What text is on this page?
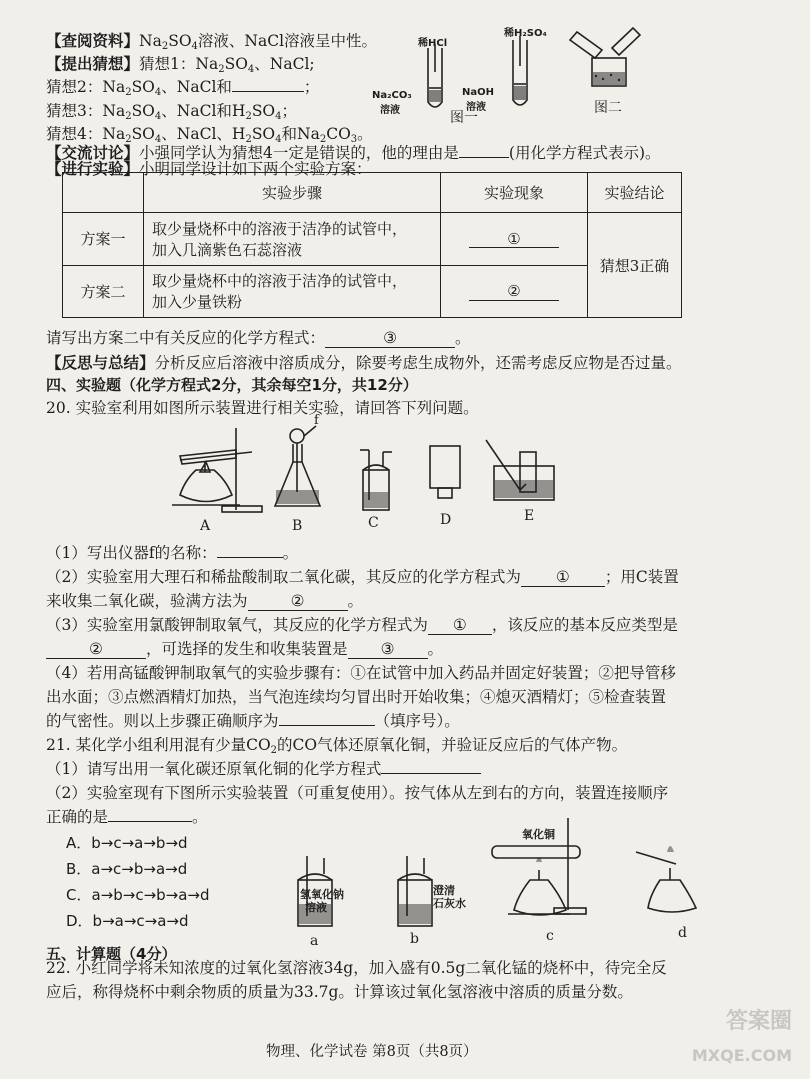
【查阅资料】$Na_2SO_4$溶液、NaCl溶液呈中性。
【提出猜想】猜想1：$Na_2SO_4$、NaCl;
猜想2：$Na_2SO_4$、NaCl和	；
猜想3：$Na_2SO_4$、NaCl和$H_2SO_4$；
猜想4：$Na_2SO_4$、NaCl、$H_2SO_4$和$Na_2CO_3$。
稀HCl
稀H₂SO₄
Na₂CO₃
溶液
NaOH
溶液
图一
图二
【交流讨论】小强同学认为猜想4一定是错误的，他的理由是	(用化学方程式表示)。
【进行实验】小明同学设计如下两个实验方案：
	实验步骤	实验现象	实验结论
方案一	取少量烧杯中的溶液于洁净的试管中，
加入几滴紫色石蕊溶液	①	猜想3正确
方案二	取少量烧杯中的溶液于洁净的试管中，
加入少量铁粉	②	
请写出方案二中有关反应的化学方程式：	③	。
【反思与总结】分析反应后溶液中溶质成分，除要考虑生成物外，还需考虑反应物是否过量。
四、实验题（化学方程式2分，其余每空1分，共12分）
20. 实验室利用如图所示装置进行相关实验，请回答下列问题。
f
A	B	C	D	E
（1）写出仪器f的名称：	。
（2）实验室用大理石和稀盐酸制取二氧化碳，其反应的化学方程式为 ① ；用C装置
来收集二氧化碳，验满方法为	②	。
（3）实验室用氯酸钾制取氧气，其反应的化学方程式为 ① ，该反应的基本反应类型是
②	，可选择的发生和收集装置是 ③ 。
（4）若用高锰酸钾制取氧气的实验步骤有：①在试管中加入药品并固定好装置；②把导管移
出水面；③点燃酒精灯加热，当气泡连续均匀冒出时开始收集；④熄灭酒精灯；⑤检查装置
的气密性。则以上步骤正确顺序为	（填序号）。
21. 某化学小组利用混有少量$CO_2$的CO气体还原氧化铜，并验证反应后的气体产物。
（1）请写出用一氧化碳还原氧化铜的化学方程式
（2）实验室现有下图所示实验装置（可重复使用）。按气体从左到右的方向，装置连接顺序
正确的是	。
A．b→c→a→b→d
B．a→c→b→a→d
C．a→b→c→b→a→d
D．b→a→c→a→d
氢氧化钠
溶液
澄清
石灰水
氧化铜
a	b	c	d
五、计算题（4分）
22. 小红同学将未知浓度的过氧化氢溶液34g，加入盛有0.5g二氧化锰的烧杯中，待完全反
应后，称得烧杯中剩余物质的质量为33.7g。计算该过氧化氢溶液中溶质的质量分数。
物理、化学试卷 第8页（共8页）
答案圈
MXQE.COM
